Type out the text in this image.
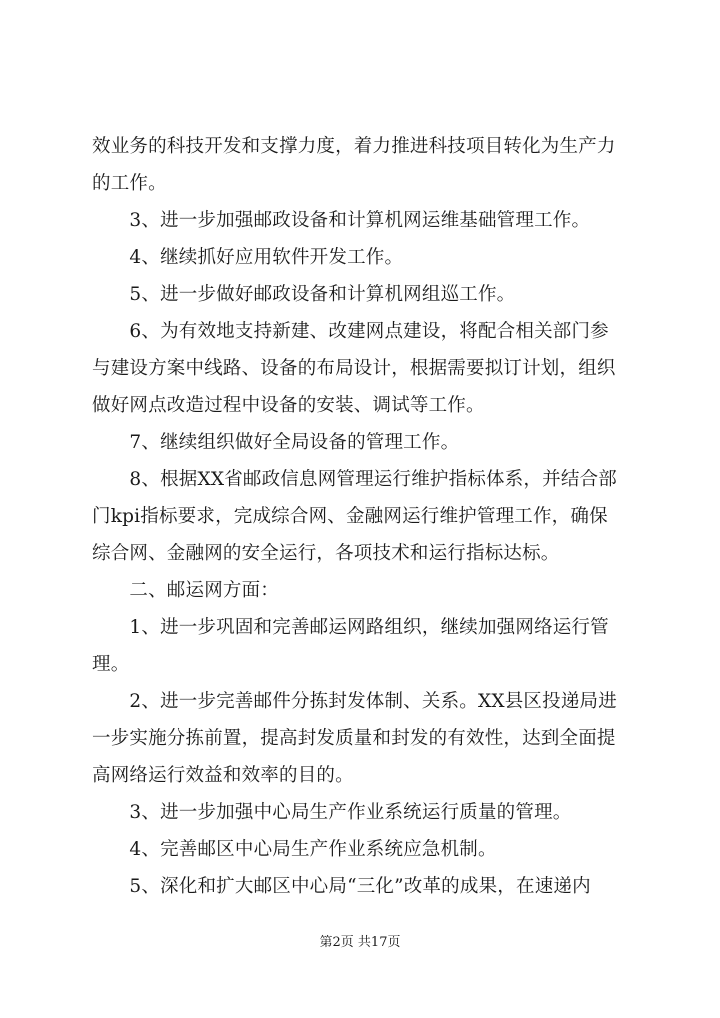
效业务的科技开发和支撑力度，着力推进科技项目转化为生产力
的工作。
　　3、进一步加强邮政设备和计算机网运维基础管理工作。
　　4、继续抓好应用软件开发工作。
　　5、进一步做好邮政设备和计算机网组巡工作。
　　6、为有效地支持新建、改建网点建设，将配合相关部门参
与建设方案中线路、设备的布局设计，根据需要拟订计划，组织
做好网点改造过程中设备的安装、调试等工作。
　　7、继续组织做好全局设备的管理工作。
　　8、根据XX省邮政信息网管理运行维护指标体系，并结合部
门kpi指标要求，完成综合网、金融网运行维护管理工作，确保
综合网、金融网的安全运行，各项技术和运行指标达标。
　　二、邮运网方面：
　　1、进一步巩固和完善邮运网路组织，继续加强网络运行管
理。
　　2、进一步完善邮件分拣封发体制、关系。XX县区投递局进
一步实施分拣前置，提高封发质量和封发的有效性，达到全面提
高网络运行效益和效率的目的。
　　3、进一步加强中心局生产作业系统运行质量的管理。
　　4、完善邮区中心局生产作业系统应急机制。
　　5、深化和扩大邮区中心局“三化”改革的成果，在速递内
第2页 共17页
